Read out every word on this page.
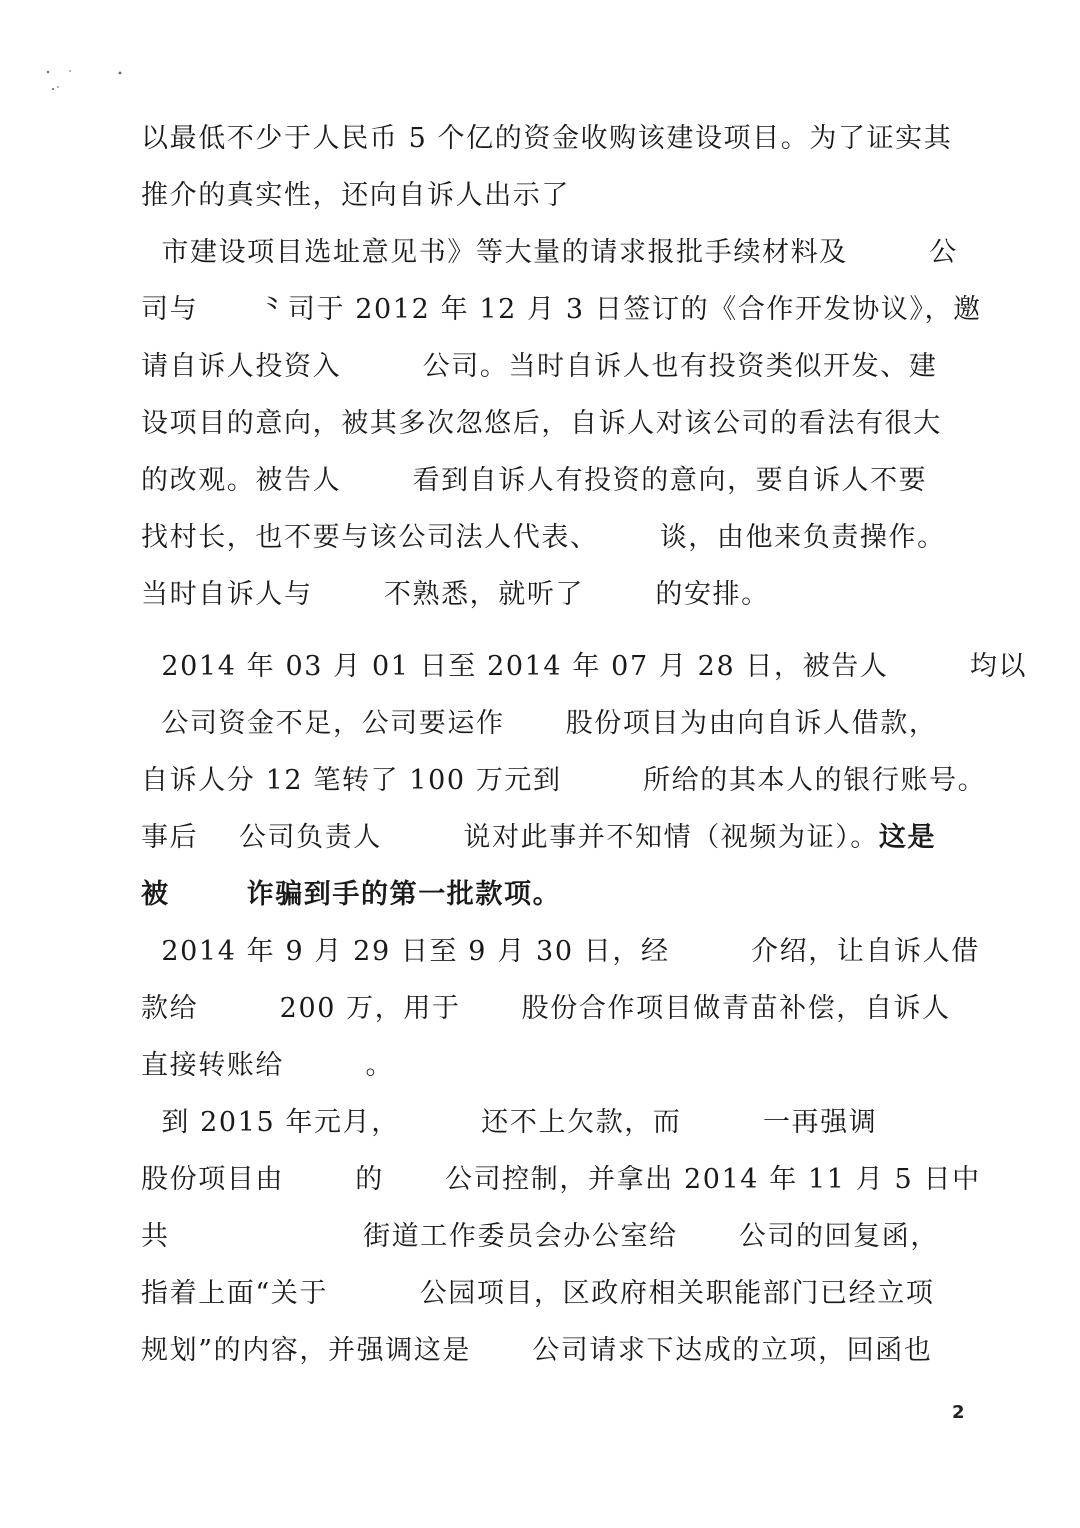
以最低不少于人民币 5 个亿的资金收购该建设项目。为了证实其
推介的真实性，还向自诉人出示了
市建设项目选址意见书》等大量的请求报批手续材料及        公
司与      ⺀司于 2012 年 12 月 3 日签订的《合作开发协议》，邀
请自诉人投资入        公司。当时自诉人也有投资类似开发、建
设项目的意向，被其多次忽悠后，自诉人对该公司的看法有很大
的改观。被告人       看到自诉人有投资的意向，要自诉人不要
找村长，也不要与该公司法人代表、      谈，由他来负责操作。
当时自诉人与       不熟悉，就听了       的安排。
2014 年 03 月 01 日至 2014 年 07 月 28 日，被告人        均以
公司资金不足，公司要运作      股份项目为由向自诉人借款，
自诉人分 12 笔转了 100 万元到        所给的其本人的银行账号。
事后    公司负责人        说对此事并不知情（视频为证）。这是
被       诈骗到手的第一批款项。
2014 年 9 月 29 日至 9 月 30 日，经        介绍，让自诉人借
款给        200 万，用于      股份合作项目做青苗补偿，自诉人
直接转账给        。
到 2015 年元月，        还不上欠款，而        一再强调
股份项目由       的      公司控制，并拿出 2014 年 11 月 5 日中
共                   街道工作委员会办公室给      公司的回复函，
指着上面“关于         公园项目，区政府相关职能部门已经立项
规划”的内容，并强调这是      公司请求下达成的立项，回函也
2
